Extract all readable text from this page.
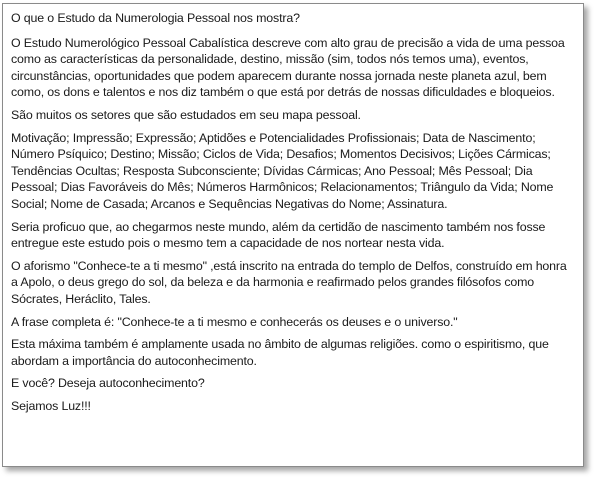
O que o Estudo da Numerologia Pessoal nos mostra?

O Estudo Numerológico Pessoal Cabalística descreve com alto grau de precisão a vida de uma pessoa como as características da personalidade, destino, missão (sim, todos nós temos uma), eventos, circunstâncias, oportunidades que podem aparecem durante nossa jornada neste planeta azul, bem como, os dons e talentos e nos diz também o que está por detrás de nossas dificuldades e bloqueios.

São muitos os setores que são estudados em seu mapa pessoal.

Motivação; Impressão; Expressão; Aptidões e Potencialidades Profissionais; Data de Nascimento; Número Psíquico; Destino; Missão; Ciclos de Vida; Desafios; Momentos Decisivos; Lições Cármicas; Tendências Ocultas; Resposta Subconsciente; Dívidas Cármicas; Ano Pessoal; Mês Pessoal; Dia Pessoal; Dias Favoráveis do Mês; Números Harmônicos; Relacionamentos; Triângulo da Vida; Nome Social; Nome de Casada; Arcanos e Sequências Negativas do Nome; Assinatura.

Seria proficuo que, ao chegarmos neste mundo, além da certidão de nascimento também nos fosse entregue este estudo pois o mesmo tem a capacidade de nos nortear nesta vida.

O aforismo "Conhece-te a ti mesmo" ,está inscrito na entrada do templo de Delfos, construído em honra a Apolo, o deus grego do sol, da beleza e da harmonia e reafirmado pelos grandes filósofos como Sócrates, Heráclito, Tales.

A frase completa é: "Conhece-te a ti mesmo e conhecerás os deuses e o universo."

Esta máxima também é amplamente usada no âmbito de algumas religiões. como o espiritismo, que abordam a importância do autoconhecimento.

E você? Deseja autoconhecimento?

Sejamos Luz!!!
